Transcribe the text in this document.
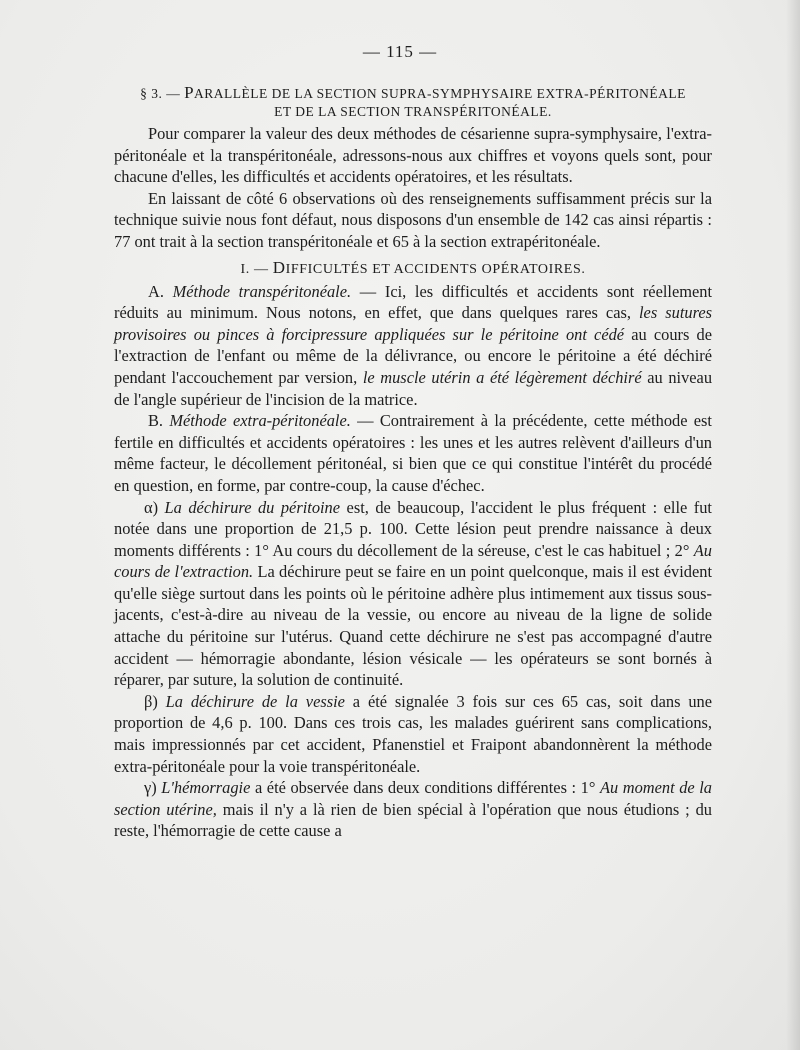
— 115 —
§ 3. — PARALLÈLE DE LA SECTION SUPRA-SYMPHYSAIRE EXTRA-PÉRITONÉALE
ET DE LA SECTION TRANSPÉRITONÉALE.

Pour comparer la valeur des deux méthodes de césarienne supra-symphysaire, l'extra-péritonéale et la transpéritonéale, adressons-nous aux chiffres et voyons quels sont, pour chacune d'elles, les difficultés et accidents opératoires, et les résultats.

En laissant de côté 6 observations où des renseignements suffisamment précis sur la technique suivie nous font défaut, nous disposons d'un ensemble de 142 cas ainsi répartis : 77 ont trait à la section transpéritonéale et 65 à la section extrapéritonéale.

I. — DIFFICULTÉS ET ACCIDENTS OPÉRATOIRES.

A. Méthode transpéritonéale. — Ici, les difficultés et accidents sont réellement réduits au minimum. Nous notons, en effet, que dans quelques rares cas, les sutures provisoires ou pinces à forcipressure appliquées sur le péritoine ont cédé au cours de l'extraction de l'enfant ou même de la délivrance, ou encore le péritoine a été déchiré pendant l'accouchement par version, le muscle utérin a été légèrement déchiré au niveau de l'angle supérieur de l'incision de la matrice.

B. Méthode extra-péritonéale. — Contrairement à la précédente, cette méthode est fertile en difficultés et accidents opératoires : les unes et les autres relèvent d'ailleurs d'un même facteur, le décollement péritonéal, si bien que ce qui constitue l'intérêt du procédé en question, en forme, par contre-coup, la cause d'échec.

α) La déchirure du péritoine est, de beaucoup, l'accident le plus fréquent : elle fut notée dans une proportion de 21,5 p. 100. Cette lésion peut prendre naissance à deux moments différents : 1° Au cours du décollement de la séreuse, c'est le cas habituel ; 2° Au cours de l'extraction. La déchirure peut se faire en un point quelconque, mais il est évident qu'elle siège surtout dans les points où le péritoine adhère plus intimement aux tissus sous-jacents, c'est-à-dire au niveau de la vessie, ou encore au niveau de la ligne de solide attache du péritoine sur l'utérus. Quand cette déchirure ne s'est pas accompagné d'autre accident — hémorragie abondante, lésion vésicale — les opérateurs se sont bornés à réparer, par suture, la solution de continuité.

β) La déchirure de la vessie a été signalée 3 fois sur ces 65 cas, soit dans une proportion de 4,6 p. 100. Dans ces trois cas, les malades guérirent sans complications, mais impressionnés par cet accident, Pfanenstiel et Fraipont abandonnèrent la méthode extra-péritonéale pour la voie transpéritonéale.

γ) L'hémorragie a été observée dans deux conditions différentes : 1° Au moment de la section utérine, mais il n'y a là rien de bien spécial à l'opération que nous étudions ; du reste, l'hémorragie de cette cause a
